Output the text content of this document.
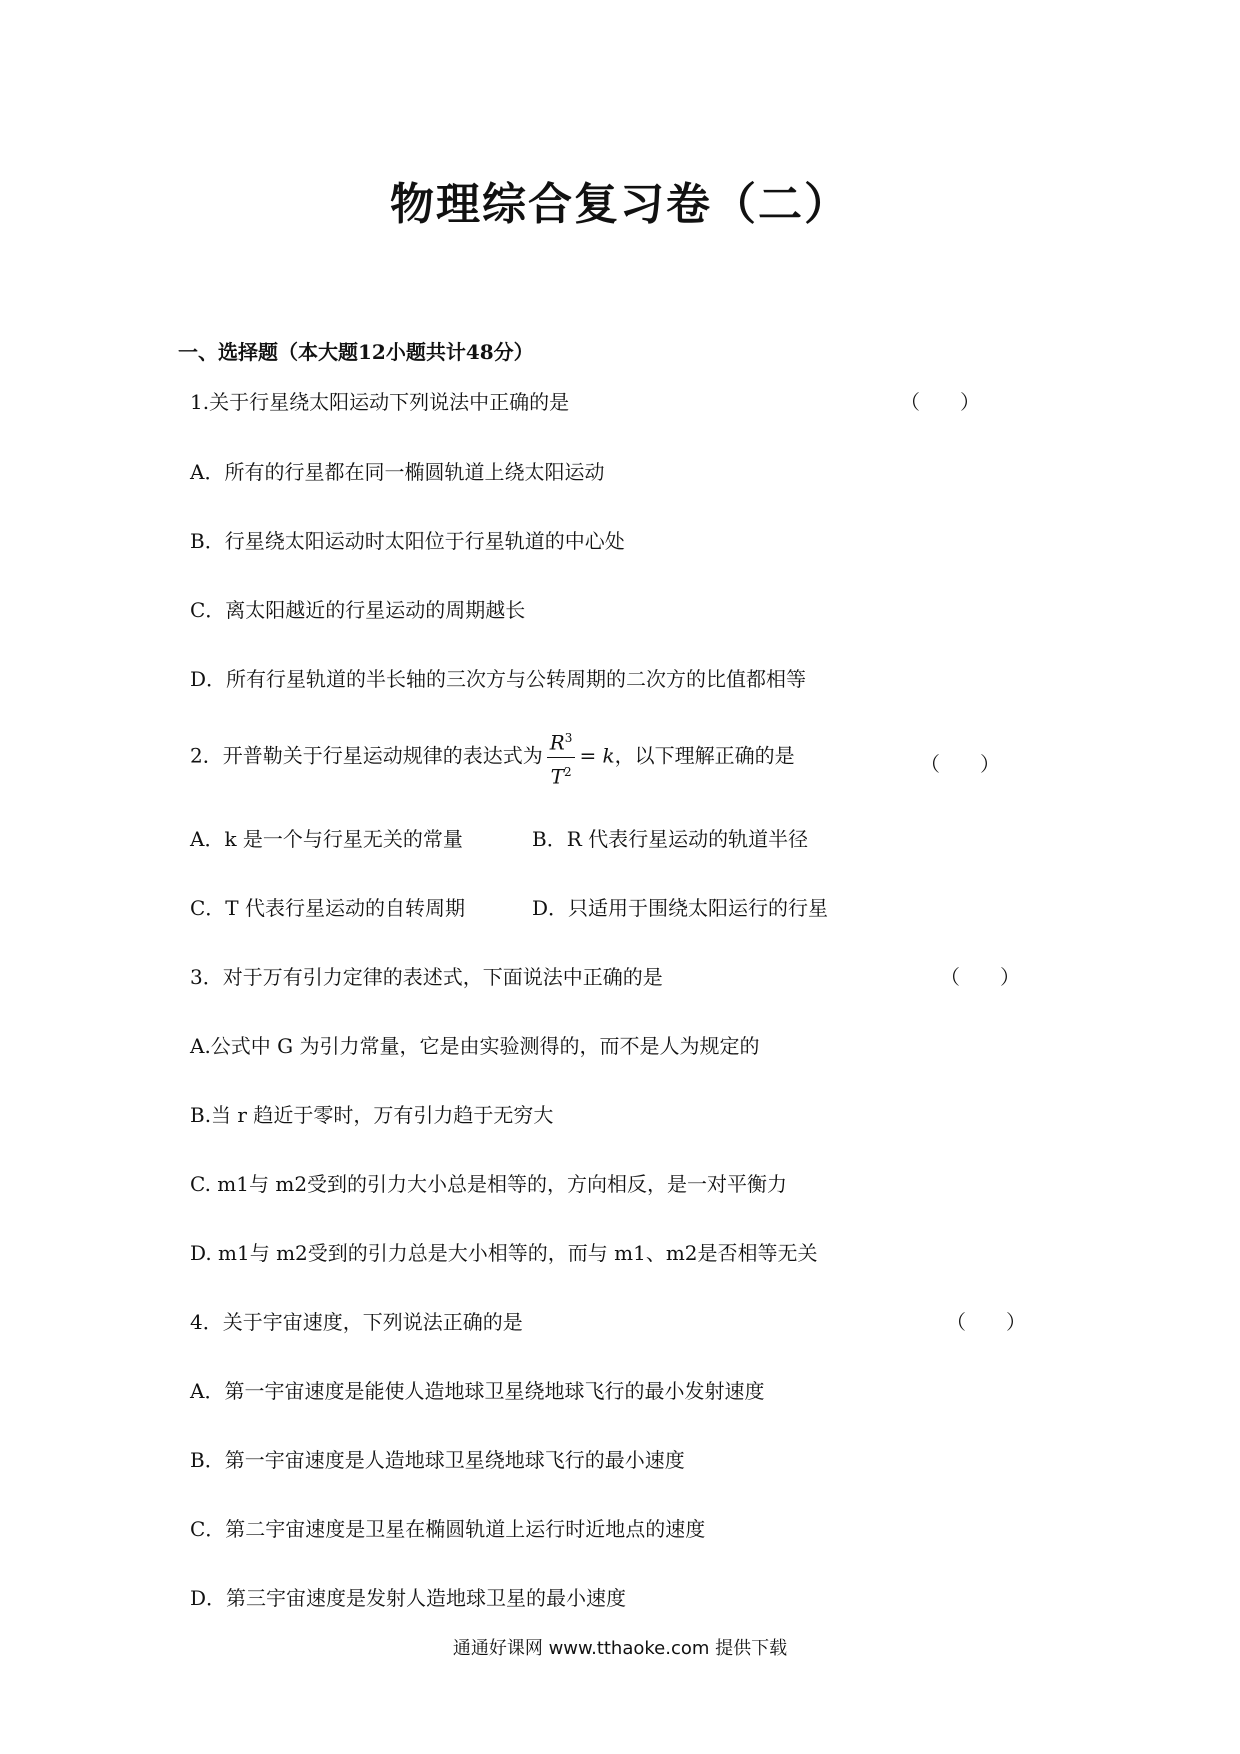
物理综合复习卷（二）
一、选择题（本大题12小题共计48分）
1.关于行星绕太阳运动下列说法中正确的是	（　　）
A．所有的行星都在同一椭圆轨道上绕太阳运动
B．行星绕太阳运动时太阳位于行星轨道的中心处
C．离太阳越近的行星运动的周期越长
D．所有行星轨道的半长轴的三次方与公转周期的二次方的比值都相等
2．开普勒关于行星运动规律的表达式为 $\frac{R^3}{T^2} = k$，以下理解正确的是	（　　）
A．k 是一个与行星无关的常量	B．R 代表行星运动的轨道半径
C．T 代表行星运动的自转周期	D．只适用于围绕太阳运行的行星
3．对于万有引力定律的表述式，下面说法中正确的是	（　　）
A.公式中 G 为引力常量，它是由实验测得的，而不是人为规定的
B.当 r 趋近于零时，万有引力趋于无穷大
C. m1与 m2受到的引力大小总是相等的，方向相反，是一对平衡力
D. m1与 m2受到的引力总是大小相等的，而与 m1、m2是否相等无关
4．关于宇宙速度，下列说法正确的是	（　　）
A．第一宇宙速度是能使人造地球卫星绕地球飞行的最小发射速度
B．第一宇宙速度是人造地球卫星绕地球飞行的最小速度
C．第二宇宙速度是卫星在椭圆轨道上运行时近地点的速度
D．第三宇宙速度是发射人造地球卫星的最小速度
通通好课网 www.tthaoke.com 提供下载
